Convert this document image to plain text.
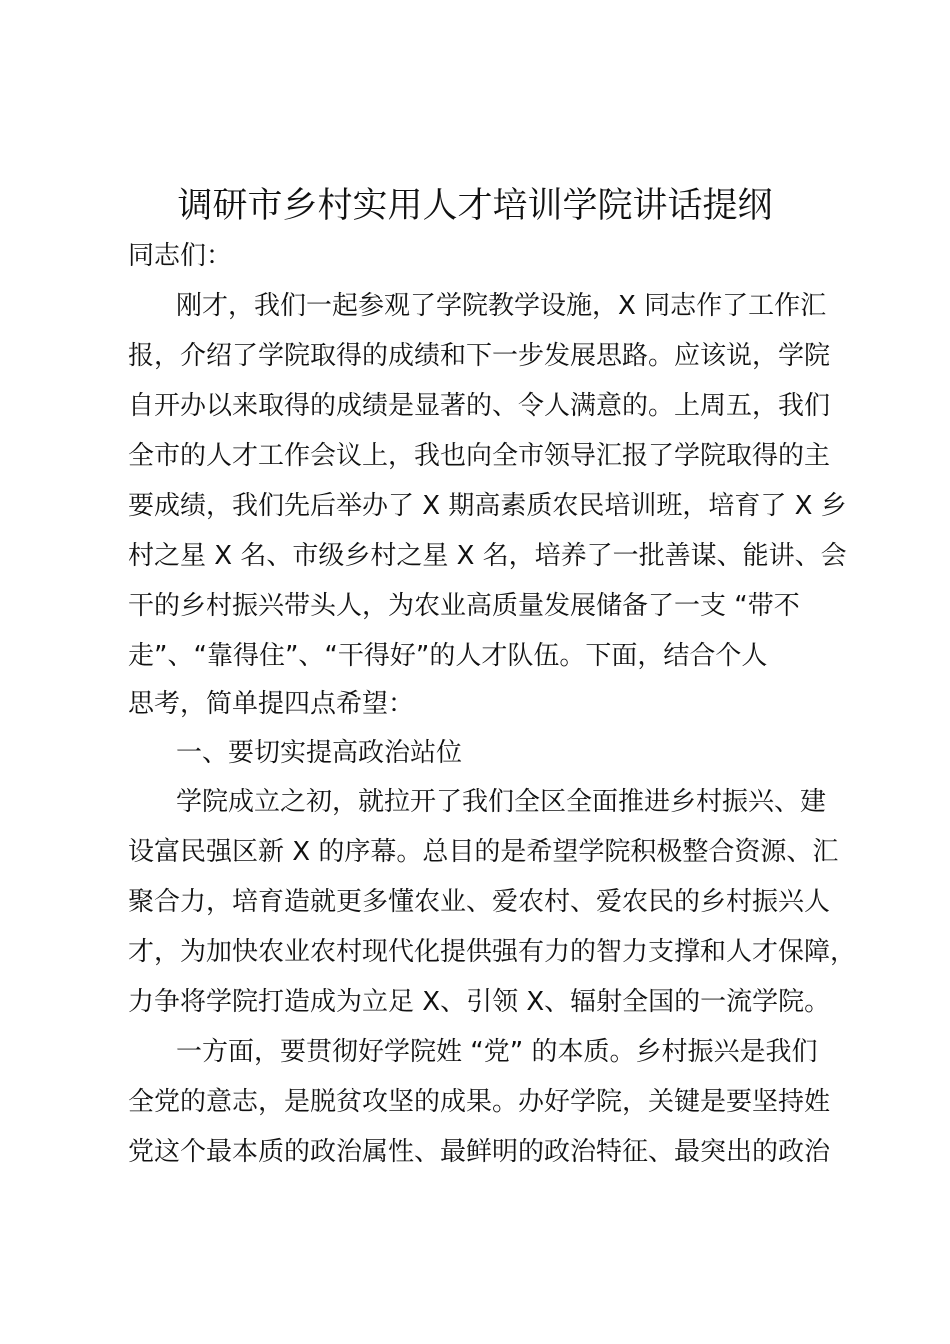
调研市乡村实用人才培训学院讲话提纲
同志们：
刚才，我们一起参观了学院教学设施，X 同志作了工作汇
报，介绍了学院取得的成绩和下一步发展思路。应该说，学院
自开办以来取得的成绩是显著的、令人满意的。上周五，我们
全市的人才工作会议上，我也向全市领导汇报了学院取得的主
要成绩，我们先后举办了 X 期高素质农民培训班，培育了 X 乡
村之星 X 名、市级乡村之星 X 名，培养了一批善谋、能讲、会
干的乡村振兴带头人，为农业高质量发展储备了一支 “带不
走”、“靠得住”、“干得好”的人才队伍。下面，结合个人
思考，简单提四点希望：
一、要切实提高政治站位
学院成立之初，就拉开了我们全区全面推进乡村振兴、建
设富民强区新 X 的序幕。总目的是希望学院积极整合资源、汇
聚合力，培育造就更多懂农业、爱农村、爱农民的乡村振兴人
才，为加快农业农村现代化提供强有力的智力支撑和人才保障，
力争将学院打造成为立足 X、引领 X、辐射全国的一流学院。
一方面，要贯彻好学院姓 “党” 的本质。乡村振兴是我们
全党的意志，是脱贫攻坚的成果。办好学院，关键是要坚持姓
党这个最本质的政治属性、最鲜明的政治特征、最突出的政治
